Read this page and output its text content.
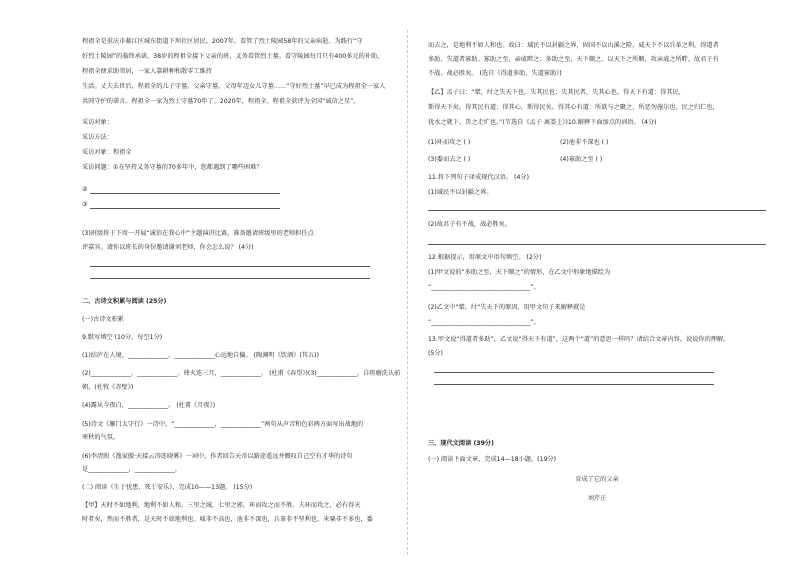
程祖全是重庆市綦江区城东街道下坝社区居民。2007年，看管了烈士陵园58年的父亲病逝。为践行“守
好烈士陵园”的临终承诺，38岁的程祖全接下父亲的班，义务看管烈士墓。看守陵园每月只有400多元的补助，
程祖全便求助邻居，一家人靠耕种和散零工维持
生活。丈夫去世后，程祖全的儿子守墓，父亲守墓，父母年迈女儿守墓……“守好烈士墓”早已成为程祖全一家人
共同守护的诺言。程祖全一家为烈士守墓70年了。2020年，程祖全、程祖全获评为全国“诚信之星”。
采访对象：
采访方法：
采访对象：程祖全
采访问题：①在坚持义务守墓的70多年中，您都遇到了哪些困难？
②
③
(3)班级将于下周一开展“诚信在我心中”主题演讲比赛，准备邀请班级里的老师担任点
评嘉宾。请你以班长的身份邀请谢刘老师，你会怎么说？ (4分)
二、古诗文积累与阅读 (25分)
(一)古诗文积累
9.默写填空 (10分，每空1分)
(1)结庐在人境，_____________，_____________心远地自偏。 (陶渊明《饮酒》(其五))
(2)_____________，_____________。烽火连三月，_____________。 (杜甫《春望》)(3)_____________，自将磨洗认前
朝。(杜牧《赤壁》)
(4)露从今夜白，_____________。 (杜甫《月夜》)
(5)诗文《雁门太守行》一诗中，“_____________，_____________”两句从声音和色彩两方面写出战地的
寒秋的气氛。
(6)李清照《渔家傲·天接云涛连晓雾》一词中，作者回告天帝以路途遥远并慨叹自己空有才华的诗句
是_____________，_____________。
(二) 阅读《生于忧患，死于安乐》，完成10——13题。 (15分)
【甲】天时不如地利，地利不如人和。三里之城，七里之郭，环而攻之而不胜。夫环而攻之，必有得天
时者矣，然而不胜者，是天时不如地利也。城非不高也，池非不深也，兵革非不坚利也，米粟非不多也，委
而去之，是地利不如人和也。故曰：域民不以封疆之界，固国不以山溪之险，威天下不以兵革之利。得道者
多助，失道者寡助。寡助之至，亲戚畔之；多助之至，天下顺之。以天下之所顺，攻亲戚之所畔，故君子有
不战，战必胜矣。 (选自《得道多助，失道寡助》)
【乙】孟子曰：“桀、纣之失天下也，失其民也；失其民者，失其心也。得天下有道：得其民，
斯得天下矣。得其民有道：得其心，斯得民矣。得其心有道：所欲与之聚之，所恶勿施尔也。民之归仁也，
犹水之就下、兽之走圹也。”(节选自《孟子 离娄上》)10.解释下面加点的词语。 (4分)
(1)环而攻之 ( )	(2)池非不深也 ( )
(3)委而去之 ( )	(4)寡助之至 ( )
11.将下列句子译成现代汉语。 (4分)
(1)域民不以封疆之界。
(2)故君子有不战，战必胜矣。
12.根据提示，用原文中语句填空。 (2分)
(1)甲文说的“多助之至，天下顺之”的情形，在乙文中形象地描绘为
“________________________________”。
(2)乙文中“桀、纣“失天下的原因，用甲文句子来解释就是
“________________________________”。
13.甲文说“得道者多助”，乙文说“得天下有道”，这两个“道”的意思一样吗？请结合文章内容，说说你的理解。
(5分)
三、现代文阅读 (39分)
(一) 阅读下面文章，完成14—18小题。(19分)
育成了它的父亲
刘芹正
